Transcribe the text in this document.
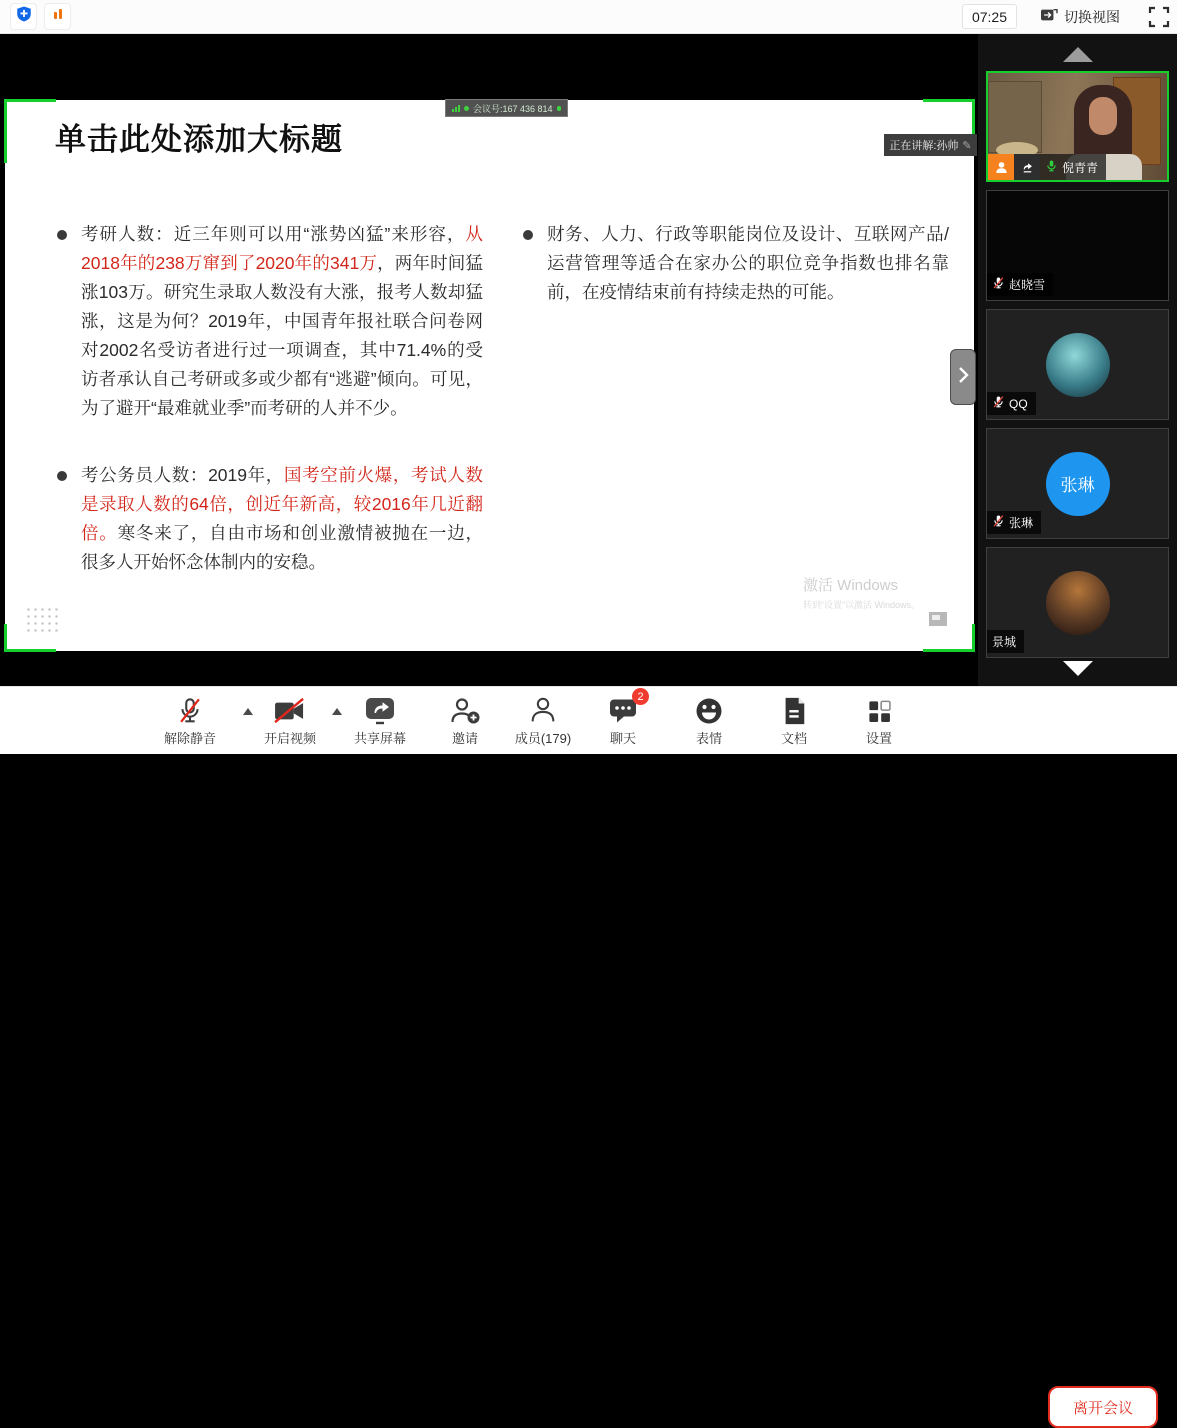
07:25	切换视图
会议号:167 436 814
正在讲解:孙帅 ✎
单击此处添加大标题

考研人数：近三年则可以用“涨势凶猛”来形容，从2018年的238万窜到了2020年的341万，两年时间猛涨103万。研究生录取人数没有大涨，报考人数却猛涨，这是为何？2019年，中国青年报社联合问卷网对2002名受访者进行过一项调查，其中71.4%的受访者承认自己考研或多或少都有“逃避”倾向。可见，为了避开“最难就业季”而考研的人并不少。

考公务员人数：2019年，国考空前火爆，考试人数是录取人数的64倍，创近年新高，较2016年几近翻倍。寒冬来了，自由市场和创业激情被抛在一边，很多人开始怀念体制内的安稳。

财务、人力、行政等职能岗位及设计、互联网产品/运营管理等适合在家办公的职位竞争指数也排名靠前，在疫情结束前有持续走热的可能。

激活 Windows
转到“设置”以激活 Windows。
倪青青
赵晓雪
QQ
张琳
张琳
景城
解除静音	开启视频	共享屏幕	邀请	成员(179)
2
聊天	表情	文档	设置
离开会议
